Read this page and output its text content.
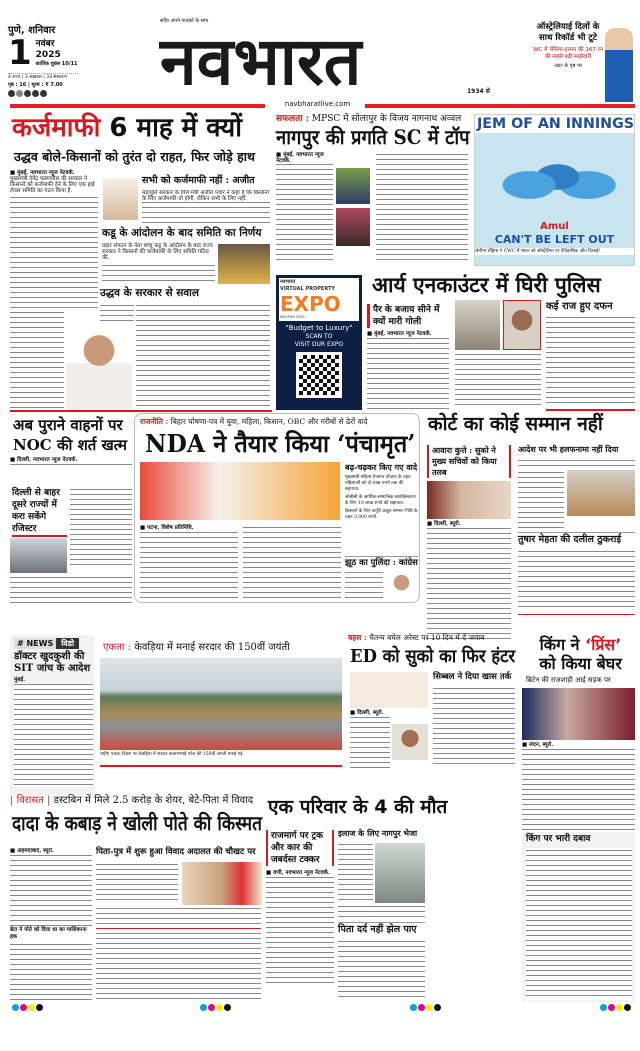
पुणे, शनिवार
1 नवंबर
2025
कार्तिक शुक्ल 10/11
4 राज्य | 3 अखबार | 33 संस्करण
पृष्ठ : 16 | मूल्य : ₹ 7.00
सदैव अपने पाठकों के साथ
नवभारत	1934 से
navbharatlive.com
ऑस्ट्रेलियाई दिलों के साथ रिकॉर्ड भी टूटे
WC में जेमिमा-हरमन की 167 रन की सबसे बड़ी साझेदारी
अंदर के पृष्ठ पर
कर्जमाफी 6 माह में क्यों
उद्धव बोले-किसानों को तुरंत दो राहत, फिर जोड़े हाथ
■ मुंबई, नवभारत न्यूज नेटवर्क.
मुख्यमंत्री देवेंद्र फडणवीस की सरकार ने किसानों को कर्जमाफी देने के लिए एक हाई लेवल समिति का गठन किया है.
सभी को कर्जमाफी नहीं : अजीत
महायुति सरकार के वित्त मंत्री अजीत पवार ने कहा है कि किसानों के लिए कर्जमाफी तो होगी, लेकिन सभी के लिए नहीं.
कडू के आंदोलन के बाद समिति का निर्णय
प्रहार संगठन के नेता बच्चू कडू के आंदोलन के बाद राज्य सरकार ने किसानों की कर्जमाफी के लिए समिति गठित की.
उद्धव के सरकार से सवाल
सफलता : MPSC में सोलापुर के विजय नागनाथ अव्वल
नागपुर की प्रगति SC में टॉप
■ मुंबई, नवभारत न्यूज नेटवर्क.
JEM OF AN INNINGS
Amul
CAN'T BE LEFT OUT
जेमीमा रॉड्रिग्स ने CWC में भारत को ऑस्ट्रेलिया पर ऐतिहासिक जीत दिलाई!
नवभारत
VIRTUAL PROPERTY
EXPO
NAGPUR 2025
"Budget to Luxury"
SCAN TO
VISIT OUR EXPO
आर्य एनकाउंटर में घिरी पुलिस
पैर के बजाय सीने में क्यों मारी गोली
■ मुंबई, नवभारत न्यूज नेटवर्क.
कई राज हुए दफन
अब पुराने वाहनों पर NOC की शर्त खत्म
■ दिल्ली, नवभारत न्यूज नेटवर्क.
दिल्ली से बाहर दूसरे राज्यों में करा सकेंगे रजिस्टर
राजनीति : बिहार घोषणा-पत्र में युवा, महिला, किसान, OBC और गरीबों से ढेरों वादे
NDA ने तैयार किया ‘पंचामृत’
बढ़-चढ़कर किए गए वादे
मुख्यमंत्री महिला रोजगार योजना के तहत महिलाओं को दो लाख रुपये तक की सहायता.
ओबीसी के आर्थिक-सामाजिक सशक्तिकरण के लिए 10 लाख रुपये की सहायता.
किसानों के लिए कर्पूरी ठाकुर सम्मान निधि के तहत 3,000 रुपये.
■ पटना, विशेष प्रतिनिधि.
झूठ का पुलिंदा : कांग्रेस
कोर्ट का कोई सम्मान नहीं
आवारा कुत्ते : सुको ने मुख्य सचिवों को किया तलब
■ दिल्ली, ब्यूरो.
आदेश पर भी हलफनामा नहीं दिया
तुषार मेहता की दलील ठुकराई
# NEWS	विडो
डॉक्टर खुदकुशी की SIT जांच के आदेश
मुंबई.
एकता : केवड़िया में मनाई सरदार की 150वीं जयंती
राष्ट्रीय एकता दिवस पर केवड़िया में सरदार वल्लभभाई पटेल की 150वीं जयंती मनाई गई.
बहस : चैतन्य बघेल अरेस्ट पर 10 दिन में दें जवाब
ED को सुको का फिर हंटर
■ दिल्ली, ब्यूरो.
सिब्बल ने दिया खास तर्क
किंग ने ‘प्रिंस’
को किया बेघर
ब्रिटेन की राजशाही आई सड़क पर
■ लंदन, ब्यूरो.
किंग पर भारी दबाव
| विरासत | डस्टबिन में मिले 2.5 करोड़ के शेयर, बेटे-पिता में विवाद
दादा के कबाड़ ने खोली पोते की किस्मत
■ अहमदाबाद, ब्यूरो.
बेटा ने पोते को दिया था का मालिकाना हक
पिता-पुत्र में शुरू हुआ विवाद अदालत की चौखट पर
एक परिवार के 4 की मौत
राजमार्ग पर ट्रक और कार की जबर्दस्त टक्कर
■ वणी, नवभारत न्यूज नेटवर्क.
इलाज के लिए नागपुर भेजा
पिता दर्द नहीं झेल पाए
